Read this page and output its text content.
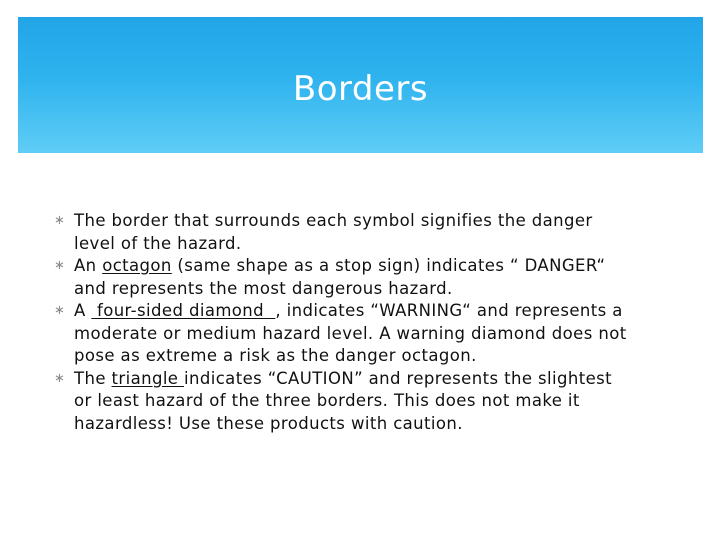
Borders

∗ The border that surrounds each symbol signifies the danger level of the hazard.

∗ An octagon (same shape as a stop sign) indicates “ DANGER“ and represents the most dangerous hazard.

∗ A  four-sided diamond  , indicates “WARNING“ and represents a moderate or medium hazard level. A warning diamond does not pose as extreme a risk as the danger octagon.

∗ The triangle indicates “CAUTION” and represents the slightest or least hazard of the three borders. This does not make it hazardless! Use these products with caution.
